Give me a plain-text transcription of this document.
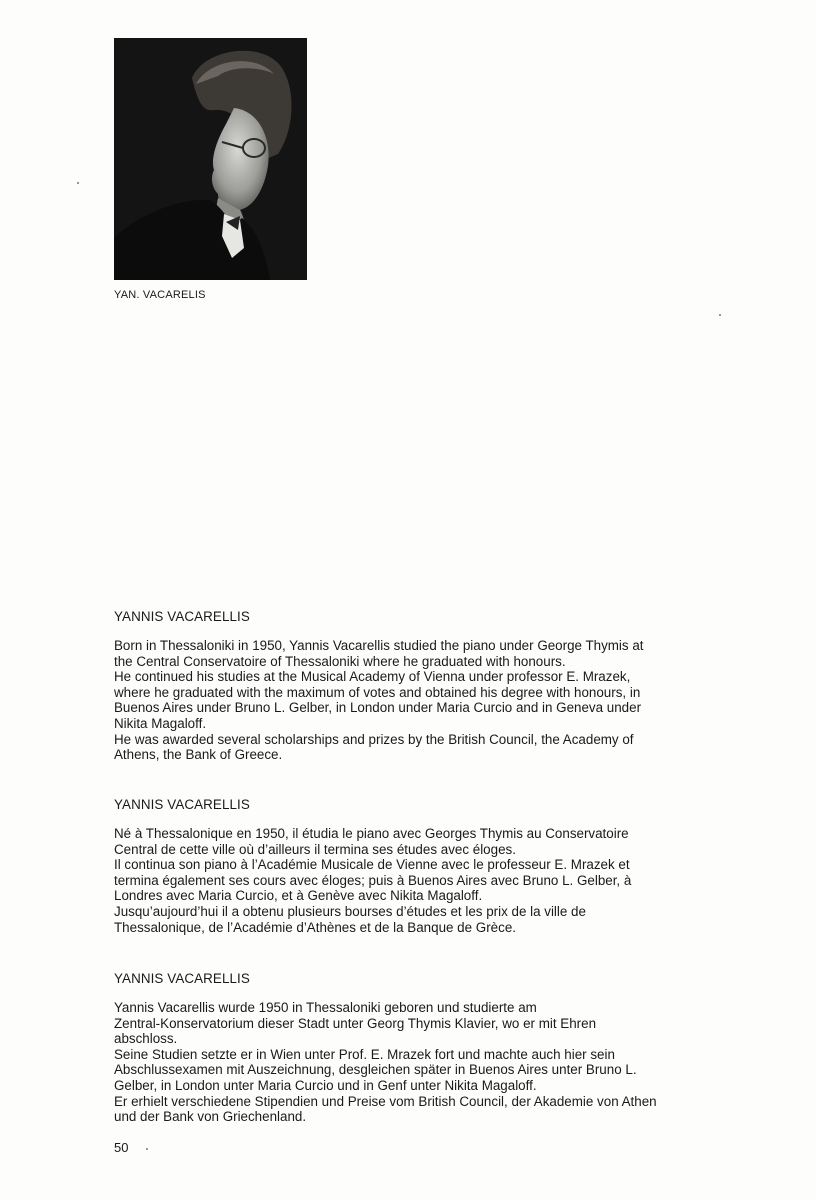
YAN. VACARELIS
YANNIS VACARELLIS
Born in Thessaloniki in 1950, Yannis Vacarellis studied the piano under George Thymis at
the Central Conservatoire of Thessaloniki where he graduated with honours.
He continued his studies at the Musical Academy of Vienna under professor E. Mrazek,
where he graduated with the maximum of votes and obtained his degree with honours, in
Buenos Aires under Bruno L. Gelber, in London under Maria Curcio and in Geneva under
Nikita Magaloff.
He was awarded several scholarships and prizes by the British Council, the Academy of
Athens, the Bank of Greece.
YANNIS VACARELLIS
Né à Thessalonique en 1950, il étudia le piano avec Georges Thymis au Conservatoire
Central de cette ville où d’ailleurs il termina ses études avec éloges.
Il continua son piano à l’Académie Musicale de Vienne avec le professeur E. Mrazek et
termina également ses cours avec éloges; puis à Buenos Aires avec Bruno L. Gelber, à
Londres avec Maria Curcio, et à Genève avec Nikita Magaloff.
Jusqu’aujourd’hui il a obtenu plusieurs bourses d’études et les prix de la ville de
Thessalonique, de l’Académie d’Athènes et de la Banque de Grèce.
YANNIS VACARELLIS
Yannis Vacarellis wurde 1950 in Thessaloniki geboren und studierte am
Zentral-Konservatorium dieser Stadt unter Georg Thymis Klavier, wo er mit Ehren
abschloss.
Seine Studien setzte er in Wien unter Prof. E. Mrazek fort und machte auch hier sein
Abschlussexamen mit Auszeichnung, desgleichen später in Buenos Aires unter Bruno L.
Gelber, in London unter Maria Curcio und in Genf unter Nikita Magaloff.
Er erhielt verschiedene Stipendien und Preise vom British Council, der Akademie von Athen
und der Bank von Griechenland.
50
